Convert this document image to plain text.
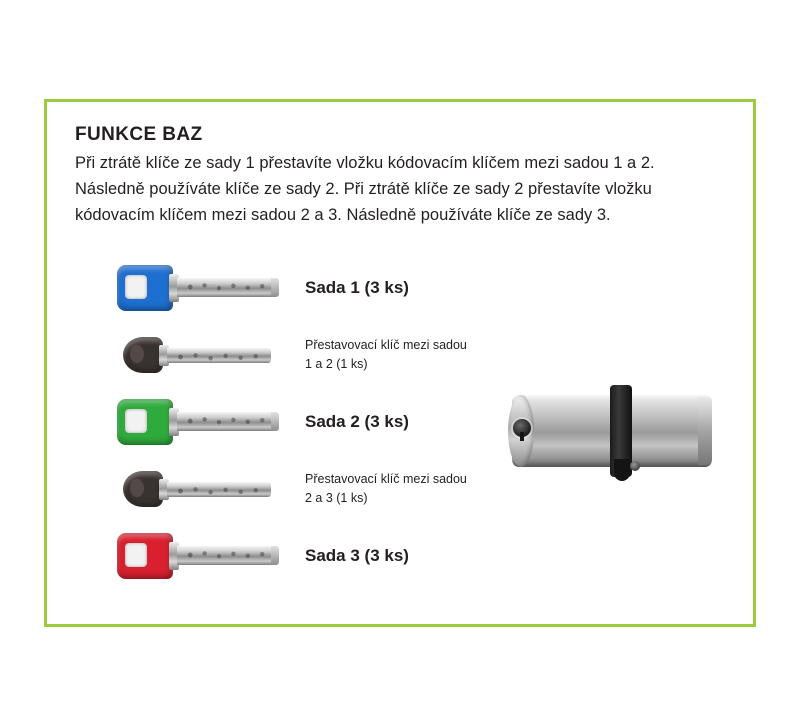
FUNKCE BAZ
Při ztrátě klíče ze sady 1 přestavíte vložku kódovacím klíčem mezi sadou 1 a 2. Následně používáte klíče ze sady 2. Při ztrátě klíče ze sady 2 přestavíte vložku kódovacím klíčem mezi sadou 2 a 3. Následně používáte klíče ze sady 3.
Sada 1 (3 ks)
Přestavovací klíč mezi sadou
1 a 2 (1 ks)
Sada 2 (3 ks)
Přestavovací klíč mezi sadou
2 a 3 (1 ks)
Sada 3 (3 ks)
